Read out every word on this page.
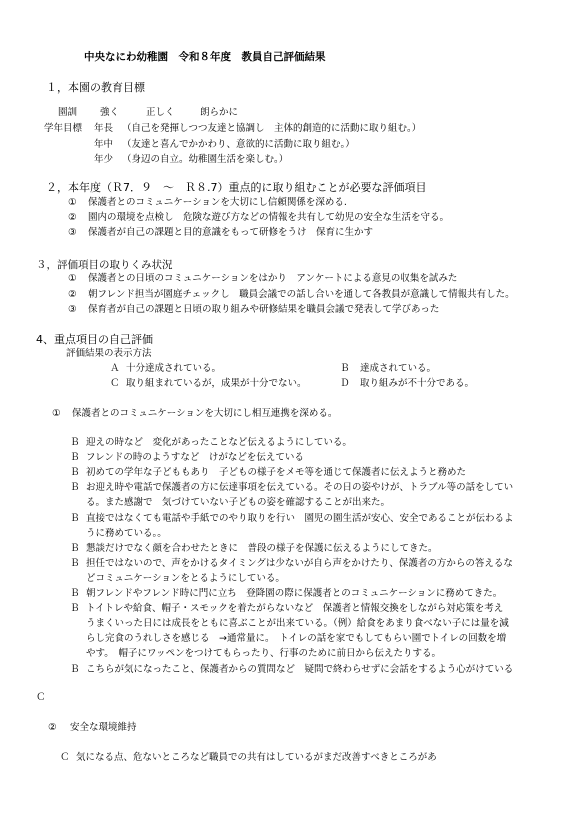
中央なにわ幼稚園　令和８年度　教員自己評価結果
１，本園の教育目標
園訓 強く	正しく	朗らかに
学年目標 年長 （自己を発揮しつつ友達と協調し　主体的創造的に活動に取り組む。）
年中 （友達と喜んでかかわり、意欲的に活動に取り組む。）
年少 （身辺の自立。幼稚園生活を楽しむ。）
２，本年度（Ｒ7．９　～　Ｒ８.7）重点的に取り組むことが必要な評価項目
① 保護者とのコミュニケーションを大切にし信頼関係を深める.
② 園内の環境を点検し　危険な遊び方などの情報を共有して幼児の安全な生活を守る。
③ 保護者が自己の課題と目的意識をもって研修をうけ　保育に生かす
３，評価項目の取りくみ状況
① 保護者との日頃のコミュニケーションをはかり　アンケートによる意見の収集を試みた
② 朝フレンド担当が園庭チェックし　職員会議での話し合いを通して各教員が意識して情報共有した。
③ 保育者が自己の課題と日頃の取り組みや研修結果を職員会議で発表して学びあった
4、重点項目の自己評価
評価結果の表示方法
Ａ 十分達成されている。	Ｂ 達成されている。
Ｃ 取り組まれているが，成果が十分でない。	Ｄ 取り組みが不十分である。
① 保護者とのコミュニケーションを大切にし相互連携を深める。
Ｂ 迎えの時など　変化があったことなど伝えるようにしている。
Ｂ フレンドの時のようすなど　けがなどを伝えている
Ｂ 初めての学年な子どももあり　子どもの様子をメモ等を通じて保護者に伝えようと務めた
Ｂ お迎え時や電話で保護者の方に伝達事項を伝えている。その日の姿やけが、トラブル等の話をしてい
る。また感謝で　気づけていない子どもの姿を確認することが出来た。
Ｂ 直接ではなくても電話や手紙でのやり取りを行い　園児の園生活が安心、安全であることが伝わるよ
うに務めている。。
Ｂ 懇談だけでなく顔を合わせたときに　普段の様子を保護に伝えるようにしてきた。
Ｂ 担任ではないので、声をかけるタイミングは少ないが自ら声をかけたり、保護者の方からの答えるな
どコミュニケーションをとるようにしている。
Ｂ 朝フレンドやフレンド時に門に立ち　登降園の際に保護者とのコミュニケーションに務めてきた。
Ｂ トイトレや給食、帽子・スモックを着たがらないなど　保護者と情報交換をしながら対応策を考え
うまくいった日には成長をともに喜ぶことが出来ている。（例）給食をあまり食べない子には量を減
らし完食のうれしさを感じる　→通常量に。　トイレの話を家でもしてもらい園でトイレの回数を増
やす。　帽子にワッペンをつけてもらったり、行事のために前日から伝えたりする。
Ｂ こちらが気になったこと、保護者からの質問など　疑問で終わらせずに会話をするよう心がけている
Ｃ
② 安全な環境維持
Ｃ 気になる点、危ないところなど職員での共有はしているがまだ改善すべきところがあ
